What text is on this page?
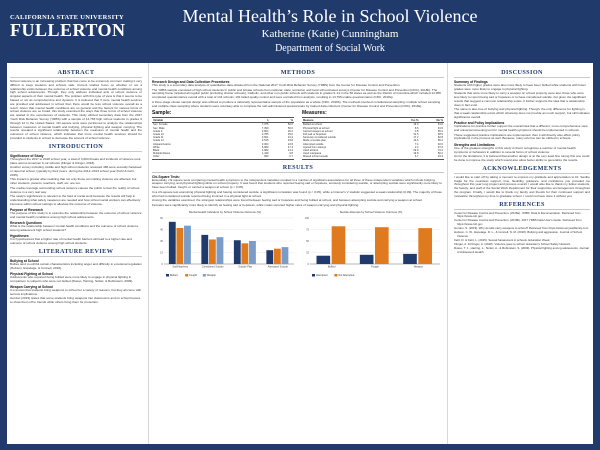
CALIFORNIA STATE UNIVERSITY
FULLERTON
Mental Health’s Role in School Violence
Katherine (Katie) Cunningham
Department of Social Work
ABSTRACT
School violence is an increasing problem that has come to be extremely common making it very difficult to keep students and schools safe. Current studies focus on whether or not a relationship exists between the outcome of school violence and mental health conditions among high school adolescents. Though, they only address individual acts of school violence or singular aspects of their mental health. The problem with this type of view is that it seems to be biased or not as comprehensive and dynamic. It is believed that if more mental health services are provided and addressed in school then there would be less school violence overall as a result. Given that mental health conditions are so general and the factors for various forms of school violence are so broad, this study examined the ways that three forms of school violence are related to the experiences of students. This study utilized secondary data from the 2017 Youth Risk Behavior Survey (YRBS) with a sample of 14,765 high school students in grades 9 through 12 in the United States. Chi-square tests were performed to analyze the relationships between measures of mental health and bullying, physical fighting and weapon carrying. The results revealed a significant relationship between the measures of mental health and the outcomes of school violence, which indicates that more mental health services should be provided to students in school to decrease the amount of school violence.
INTRODUCTION
Significance of Study
Throughout the 2017 to 2018 school year, a total of 3,604 threats and incidents of violence took place across American K-12 schools (Klinger & Klinger, 2018).
Another survey including middle and high school students reviewed 486 were sexually harassed or raped at school, typically by their peers, during the 2012–2013 school year (Kehl & Kehl, 2015).
This impact is greater after realizing that not only those committing violence are affected, but other students, parents, teachers, staff, etc. are too.
The media coverage surrounding school violence causes the public to fear the reality of school violence in a very real way.
The study's significance is relevant to the field of social work because the results will help in understanding what safety measures are needed and how school social workers can effectively intervene within school settings to alleviate the outcome of violence.
Purpose of Research
The purpose of this study is to examine the relationship between the outcome of school violence and mental health conditions among high school adolescents.
Research Questions
What is the relationship between mental health conditions and the outcome of school violence among adolescent high school students?
Hypotheses
It is hypothesized that a higher rate of mental health barriers will lead to a higher rate and outcome of school violence among high school students.
LITERATURE REVIEW
Bullying at School
Bullies tend to exhibit certain characteristics including anger and difficulty in emotional regulation (Hobson, Espelage, & Connell, 2018).
Physical Fighting at School
Adolescents who reported being bullied were more likely to engage in physical fighting in comparison to subjects who were not bullied (Russo, Harring, Siclari, & Rubinstein, 2009).
Weapon Carrying at School
It is known that students bring weapons to school for a variety of reasons, but they all come with serious implications.
Gordon (2019) states that some students bring weapons into classrooms and on school busses to show them off to friends while others bring them for protection.
METHODS
Research Design and Data Collection Procedures
This study is a secondary data analysis of quantitative data obtained from the National 2017 Youth Risk Behavior Survey (YRBS) from the Center for Disease Control and Prevention.
The YRBS sample consisted of high school students in public and private schools from national, state, territorial, and local school-based surveys (Center for Disease Control and Prevention [CDC], 2018b). The sampling frame included all regular public (including charter schools), Catholic, and other non-public schools with students in grades 9–12 in the 50 states as well as the District of Columbia which included 14,956 completed questionnaires overall with a total of 144 schools; 191 failed quality control and were excluded from analysis, resulting in 14,765 usable questionnaires (CDC, 2018a).
A three-stage cluster sample design was utilized to produce a nationally representative sample of the population as a whole (CDC, 2018b). The methods involved constitutional sampling: multiple school sampling and multiple class sampling where students were voluntary able to complete the self-administered questionnaire by trained data collectors (Center for Disease Control and Prevention [CDC], 2018a).
Sample:	Measures:
Variable	n	%
Sex: Female	7,375	50.0
Sex: Male	7,390	50.0
Grade 9	3,864	26.2
Grade 10	3,785	25.6
Grade 11	3,601	24.4
Grade 12	3,515	23.8
Hispanic/Latino	3,364	22.8
White	6,980	47.3
Black	1,982	13.4
Multiple Races	1,449	9.8
Other	990	6.7
Measure	Yes %	No %
Bullied at school	19.0	81.0
Physical fight at school	8.5	91.5
Carried weapon at school	3.8	96.2
Felt sad or hopeless	31.5	68.5
Seriously considered suicide	17.2	82.8
Made a suicide plan	13.6	86.4
Attempted suicide	7.4	92.6
Injured from attempt	2.4	97.6
Used alcohol	29.8	70.2
Used marijuana	19.8	80.2
Missed school unsafe	6.7	93.3
RESULTS
Chi-Square Tests:
Essentially, chi-square tests comparing mental health symptoms to the independent variables resulted in a number of significant associations for all three of these independent variables which include bullying, weapon carrying, and physical fighting while on school property. It was found that students who reported feeling sad or hopeless, seriously considering suicide, or attempting suicide were significantly more likely to have been bullied, fought, or carried a weapon at school (p < 0.05).
In a chi-square test examining physical fighting and having considered suicide, a significant correlation was found (p < 0.05), while a Cramer's V statistic suggested a weak relationship (0.09). The majority of those who had considered suicide reported being involved in a physical fight at school.
Among the variables examined, the strongest relationships were found between feeling sad or hopeless and being bullied at school, and between attempting suicide and carrying a weapon at school.
Females were significantly more likely to identify as feeling sad or hopeless, while males reported higher rates of weapon carrying and physical fighting.
Mental Health Indicators by School Violence Outcome (%)
0
15
30
45
60
Sad/Hopeless	Considered Suicide	Suicide Plan	Attempted Suicide
Bullied	Fought	Weapon
Suicide Attempts by School Violence Outcome (%)
0
25
50
75
100
Bullied	Fought	Weapon
Attempted	Not Attempted
DISCUSSION
Summary of Findings
Students with higher grades were also more likely to have been bullied while students with lower grades were more likely to engage in physical fighting.
Students that were more likely to carry a weapon on school property were also those who were less likely to report being sad or hopeless or to have considered suicide, but given the significant results that suggest a common relationship exists, it further supports the idea that a relationship does in fact exist.
The same is also true of bullying and physical fighting. Though, the only difference for fighting is that a weak relationship exists which obviously does not provide as much support, but still indicates significance overall.
Practice and Policy Implications
Implications for practice further support the overall idea that a different, more comprehensive view and universal screening tool for mental health symptoms should be implemented in schools.
These suggested practice implications are implemented, then it will directly also effect policy implications in the process as well. Because, many reforms can be utilized in schools.
Strengths and Limitations
One of the greatest strengths of this study is that it recognizes a number of mental health symptoms or behaviors in addition to several forms of school violence.
As for the limitations, it is believed that another design or at the very least fine tuning this one could be done to improve the study which would also allow better ability to generalize the results.
ACKNOWLEDGEMENTS
I would like to start off by taking a moment to express my gratitude and appreciation to Dr. Santhe Cagle for the countless support, time, flexibility, guidance, and confidence you provided me throughout this year long project and process overall. I would also like to thank my fellow students, the faculty, and staff of the Social Work Department for their supportive encouragement throughout the program. Finally, I would like to thank my family and friends for their continued support and motivation throughout my time in graduate school. I could not have done it without you.
REFERENCES
Center for Disease Control and Prevention. (2018a). YRBS: Data & Documentation. Retrieved from https://www.cdc.gov
Center for Disease Control and Prevention. (2018b). 2017 YRBS Data User's Guide. Retrieved from https://www.cdc.gov
Gordon, S. (2019). Why do kids carry weapons to school? Retrieved from https://www.verywellfamily.com
Hobson, C. W., Espelage, D. L., & Connell, N. M. (2018). Bullying and aggression. Journal of School Violence.
Kehl, D. & Kehl, L. (2015). Sexual harassment in schools. Education Week.
Klinger, A. & Klinger, A. (2018). Violence goes to school. Educator's School Safety Network.
Russo, T. J., Harring, L., Siclari, A., & Rubinstein, S. (2009). Physical fighting among adolescents. Journal of Adolescent Health.
